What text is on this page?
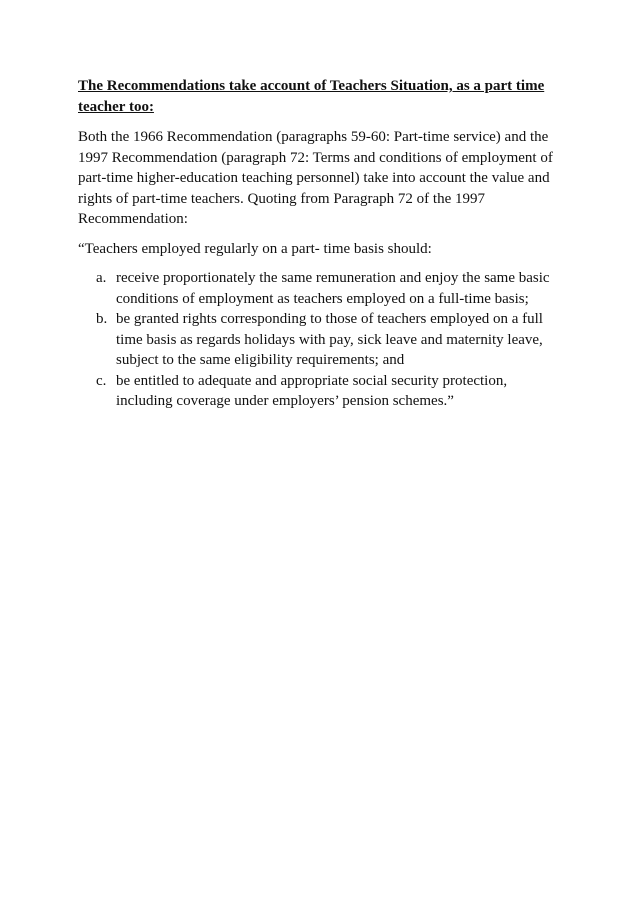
The Recommendations take account of Teachers Situation, as a part time teacher too:

Both the 1966 Recommendation (paragraphs 59-60: Part-time service) and the 1997 Recommendation (paragraph 72: Terms and conditions of employment of part-time higher-education teaching personnel) take into account the value and rights of part-time teachers. Quoting from Paragraph 72 of the 1997 Recommendation:

“Teachers employed regularly on a part- time basis should:

a. receive proportionately the same remuneration and enjoy the same basic conditions of employment as teachers employed on a full-time basis;
b. be granted rights corresponding to those of teachers employed on a full time basis as regards holidays with pay, sick leave and maternity leave, subject to the same eligibility requirements; and
c. be entitled to adequate and appropriate social security protection, including coverage under employers’ pension schemes.”
